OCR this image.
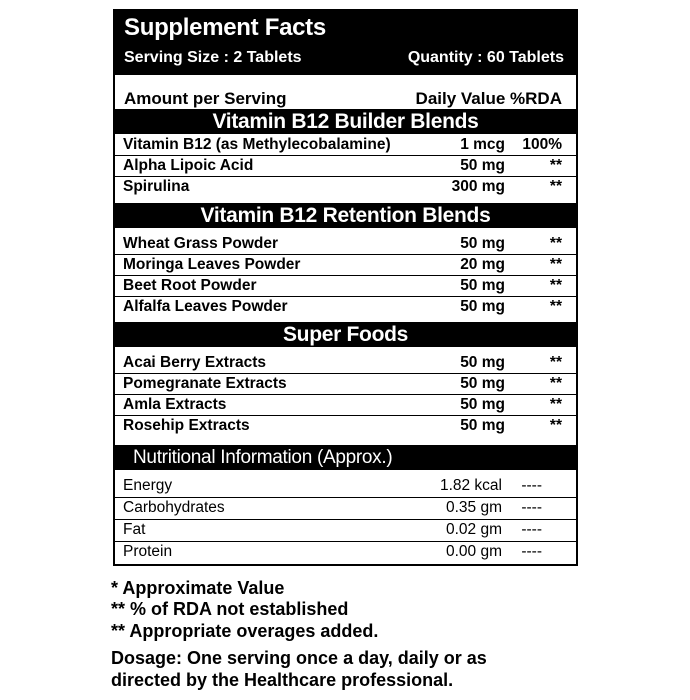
Supplement Facts
Serving Size : 2 Tablets	Quantity : 60 Tablets
Amount per Serving	Daily Value %RDA
Vitamin B12 Builder Blends
Vitamin B12 (as Methylecobalamine)	1 mcg 100%
Alpha Lipoic Acid	50 mg	**
Spirulina	300 mg	**
Vitamin B12 Retention Blends
Wheat Grass Powder	50 mg	**
Moringa Leaves Powder	20 mg	**
Beet Root Powder	50 mg	**
Alfalfa Leaves Powder	50 mg	**
Super Foods
Acai Berry Extracts	50 mg	**
Pomegranate Extracts	50 mg	**
Amla Extracts	50 mg	**
Rosehip Extracts	50 mg	**
Nutritional Information (Approx.)
Energy	1.82 kcal ----
Carbohydrates	0.35 gm ----
Fat	0.02 gm ----
Protein	0.00 gm ----
* Approximate Value
** % of RDA not established
** Appropriate overages added.
Dosage: One serving once a day, daily or as
directed by the Healthcare professional.
